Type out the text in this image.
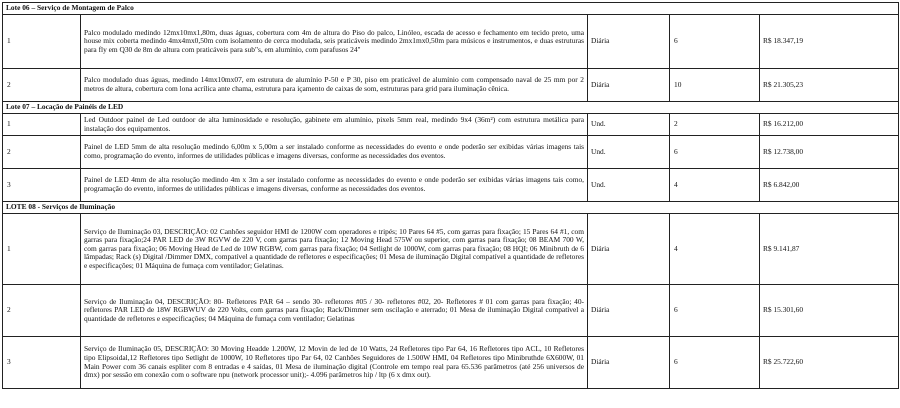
Lote 06 – Serviço de Montagem de Palco				
1	Palco modulado medindo 12mx10mx1,80m, duas águas, cobertura com 4m de altura do Piso do palco, Linóleo, escada de acesso e fechamento em tecido preto, uma house mix coberta medindo 4mx4mx0,50m com isolamento de cerca modulada, seis praticáveis medindo 2mx1mx0,50m para músicos e instrumentos, e duas estruturas para fly em Q30 de 8m de altura com praticáveis para sub"s, em alumínio, com parafusos 24"	Diária	6	R$ 18.347,19
2	Palco modulado duas águas, medindo 14mx10mx07, em estrutura de alumínio P-50 e P 30, piso em praticável de alumínio com compensado naval de 25 mm por 2 metros de altura, cobertura com lona acrílica ante chama, estrutura para içamento de caixas de som, estruturas para grid para iluminação cênica.	Diária	10	R$ 21.305,23
Lote 07 – Locação de Painéis de LED				
1	Led Outdoor painel de Led outdoor de alta luminosidade e resolução, gabinete em alumínio, pixels 5mm real, medindo 9x4 (36m²) com estrutura metálica para instalação dos equipamentos.	Und.	2	R$ 16.212,00
2	Painel de LED 5mm de alta resolução medindo 6,00m x 5,00m a ser instalado conforme as necessidades do evento e onde poderão ser exibidas várias imagens tais como, programação do evento, informes de utilidades públicas e imagens diversas, conforme as necessidades dos eventos.	Und.	6	R$ 12.738,00
3	Painel de LED 4mm de alta resolução medindo 4m x 3m a ser instalado conforme as necessidades do evento e onde poderão ser exibidas várias imagens tais como, programação do evento, informes de utilidades públicas e imagens diversas, conforme as necessidades dos eventos.	Und.	4	R$ 6.842,00
LOTE 08 - Serviços de Iluminação				
1	Serviço de Iluminação 03, DESCRIÇÃO: 02 Canhões seguidor HMI de 1200W com operadores e tripés; 10 Pares 64 #5, com garras para fixação; 15 Pares 64 #1, com garras para fixação;24 PAR LED de 3W RGVW de 220 V, com garras para fixação; 12 Moving Head 575W ou superior, com garras para fixação; 08 BEAM 700 W, com garras para fixação; 06 Moving Head de Led de 10W RGBW, com garras para fixação; 04 Setlight de 1000W, com garras para fixação; 08 HQI; 06 Minibruth de 6 lâmpadas; Rack (s) Digital /Dimmer DMX, compatível a quantidade de refletores e especificações; 01 Mesa de iluminação Digital compatível a quantidade de refletores e especificações; 01 Máquina de fumaça com ventilador; Gelatinas.	Diária	4	R$ 9.141,87
2	Serviço de Iluminação 04, DESCRIÇÃO: 80- Refletores PAR 64 – sendo 30- refletores #05 / 30- refletores #02, 20- Refletores # 01 com garras para fixação; 40- refletores PAR LED de 18W RGBWUV de 220 Volts, com garras para fixação; Rack/Dimmer sem oscilação e aterrado; 01 Mesa de iluminação Digital compatível a quantidade de refletores e especificações; 04 Máquina de fumaça com ventilador; Gelatinas	Diária	6	R$ 15.301,60
3	Serviço de Iluminação 05, DESCRIÇÃO: 30 Moving Headde 1.200W, 12 Movin de led de 10 Watts, 24 Refletores tipo Par 64, 16 Refletores tipo ACL, 10 Refletores tipo Elipsoidal,12 Refletores tipo Setlight de 1000W, 10 Refletores tipo Par 64, 02 Canhões Seguidores de 1.500W HMI, 04 Refletores tipo Minibruthde 6X600W, 01 Main Power com 36 canais espliter com 8 entradas e 4 saídas, 01 Mesa de iluminação digital (Controle em tempo real para 65.536 parâmetros (até 256 universos de dmx) por sessão em conexão com o software npu (network processor unit);- 4.096 parâmetros hip / ltp (6 x dmx out).	Diária	6	R$ 25.722,60
